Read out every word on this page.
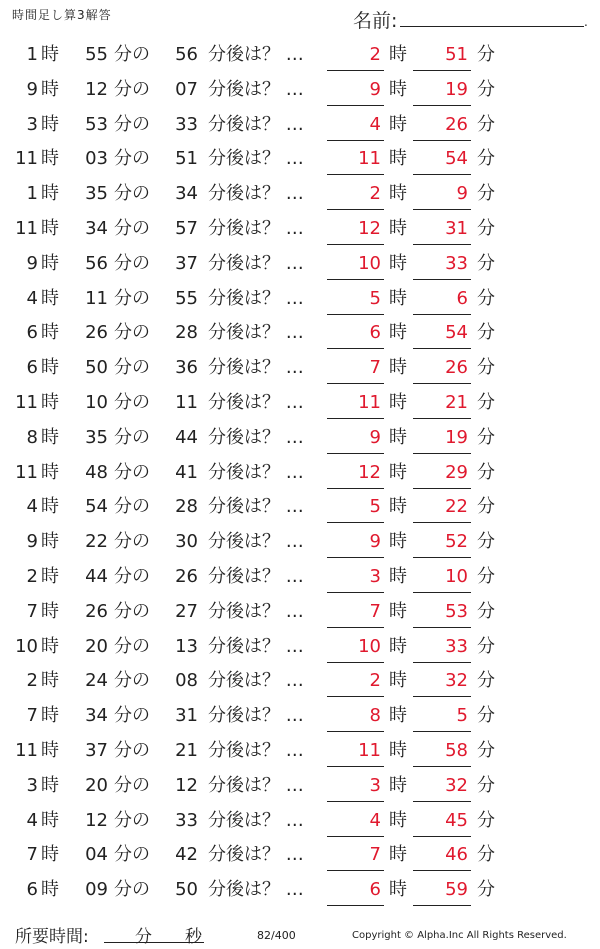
時間足し算3解答	名前:	.
1 時	55 分の	56 分後は？ …	2 時	51 分
9 時	12 分の	07 分後は？ …	9 時	19 分
3 時	53 分の	33 分後は？ …	4 時	26 分
11 時	03 分の	51 分後は？ …	11 時	54 分
1 時	35 分の	34 分後は？ …	2 時	9 分
11 時	34 分の	57 分後は？ …	12 時	31 分
9 時	56 分の	37 分後は？ …	10 時	33 分
4 時	11 分の	55 分後は？ …	5 時	6 分
6 時	26 分の	28 分後は？ …	6 時	54 分
6 時	50 分の	36 分後は？ …	7 時	26 分
11 時	10 分の	11 分後は？ …	11 時	21 分
8 時	35 分の	44 分後は？ …	9 時	19 分
11 時	48 分の	41 分後は？ …	12 時	29 分
4 時	54 分の	28 分後は？ …	5 時	22 分
9 時	22 分の	30 分後は？ …	9 時	52 分
2 時	44 分の	26 分後は？ …	3 時	10 分
7 時	26 分の	27 分後は？ …	7 時	53 分
10 時	20 分の	13 分後は？ …	10 時	33 分
2 時	24 分の	08 分後は？ …	2 時	32 分
7 時	34 分の	31 分後は？ …	8 時	5 分
11 時	37 分の	21 分後は？ …	11 時	58 分
3 時	20 分の	12 分後は？ …	3 時	32 分
4 時	12 分の	33 分後は？ …	4 時	45 分
7 時	04 分の	42 分後は？ …	7 時	46 分
6 時	09 分の	50 分後は？ …	6 時	59 分
所要時間:	分 秒	82/400	Copyright © Alpha.Inc All Rights Reserved.
